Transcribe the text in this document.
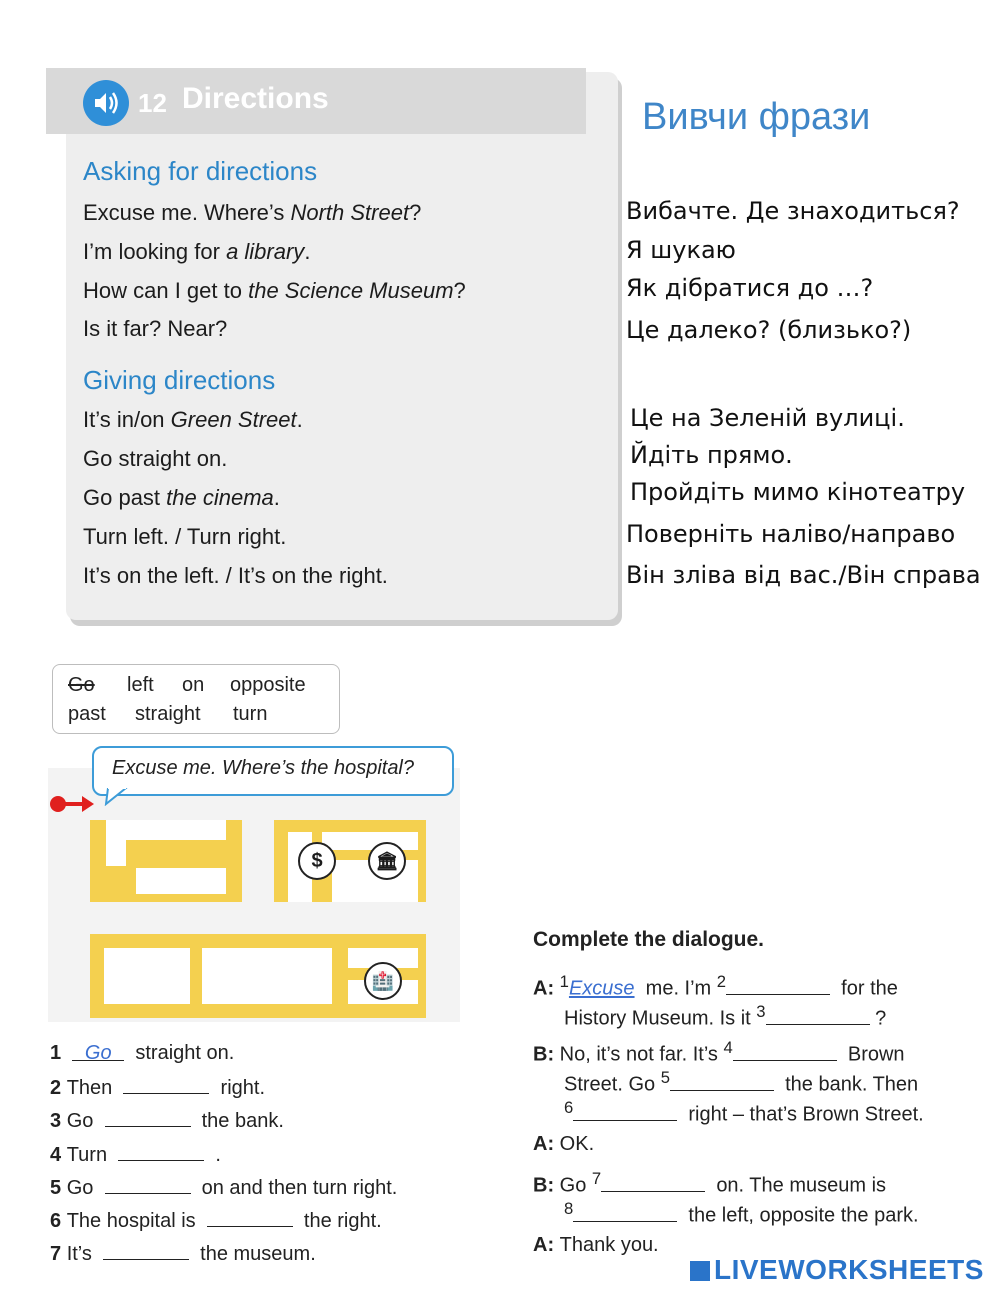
12 Directions
Asking for directions
Excuse me. Where’s North Street?
I’m looking for a library.
How can I get to the Science Museum?
Is it far? Near?
Giving directions
It’s in/on Green Street.
Go straight on.
Go past the cinema.
Turn left. / Turn right.
It’s on the left. / It’s on the right.
Вивчи фрази
Вибачте. Де знаходиться?
Я шукаю
Як дібратися до …?
Це далеко? (близько?)
Це на Зеленій вулиці.
Йдіть прямо.
Пройдіть мимо кінотеатру
Поверніть наліво/направо
Він зліва від вас./Він справа
Go left on opposite
past straight turn
Excuse me. Where’s the hospital?
$	🏛
🏥
1 Go straight on.
2 Then	right.
3 Go	the bank.
4 Turn	.
5 Go	on and then turn right.
6 The hospital is	the right.
7 It’s	the museum.
Complete the dialogue.
A: $^1$Excuse me. I’m $^2$	for the
History Museum. Is it $^3$	?
B: No, it’s not far. It’s $^4$	Brown
Street. Go $^5$	the bank. Then
$^6$	right – that’s Brown Street.
A: OK.
B: Go $^7$	on. The museum is
$^8$	the left, opposite the park.
A: Thank you.
LIVEWORKSHEETS
